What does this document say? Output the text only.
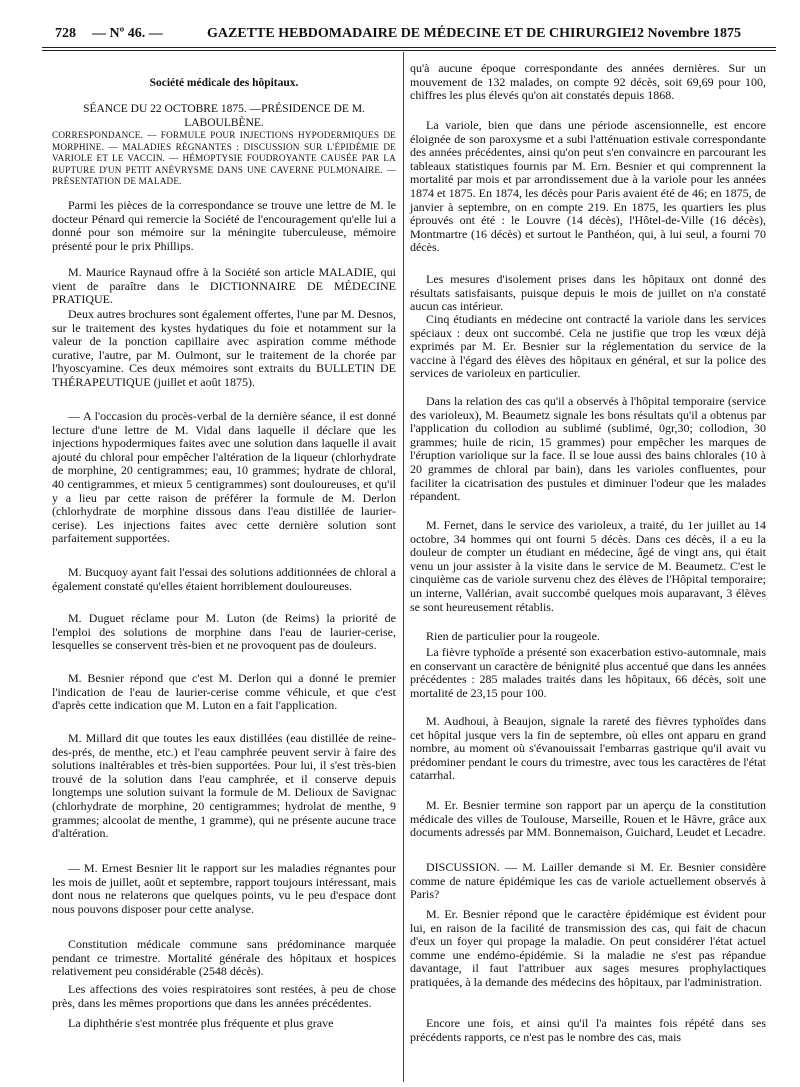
728 — Nº 46. —	GAZETTE HEBDOMADAIRE DE MÉDECINE ET DE CHIRURGIE.
12 Novembre 1875
Société médicale des hôpitaux.
SÉANCE DU 22 OCTOBRE 1875. —PRÉSIDENCE DE M. LABOULBÈNE.
CORRESPONDANCE. — FORMULE POUR INJECTIONS HYPODERMIQUES DE MORPHINE. — MALADIES RÉGNANTES : DISCUSSION SUR L'ÉPIDÉMIE DE VARIOLE ET LE VACCIN. — HÉMOPTYSIE FOUDROYANTE CAUSÉE PAR LA RUPTURE D'UN PETIT ANÉVRYSME DANS UNE CAVERNE PULMONAIRE. — PRÉSENTATION DE MALADE.
Parmi les pièces de la correspondance se trouve une lettre de M. le docteur Pénard qui remercie la Société de l'encouragement qu'elle lui a donné pour son mémoire sur la méningite tuberculeuse, mémoire présenté pour le prix Phillips.
M. Maurice Raynaud offre à la Société son article MALADIE, qui vient de paraître dans le DICTIONNAIRE DE MÉDECINE PRATIQUE.
Deux autres brochures sont également offertes, l'une par M. Desnos, sur le traitement des kystes hydatiques du foie et notamment sur la valeur de la ponction capillaire avec aspiration comme méthode curative, l'autre, par M. Oulmont, sur le traitement de la chorée par l'hyoscyamine. Ces deux mémoires sont extraits du BULLETIN DE THÉRAPEUTIQUE (juillet et août 1875).
— A l'occasion du procès-verbal de la dernière séance, il est donné lecture d'une lettre de M. Vidal dans laquelle il déclare que les injections hypodermiques faites avec une solution dans laquelle il avait ajouté du chloral pour empêcher l'altération de la liqueur (chlorhydrate de morphine, 20 centigrammes; eau, 10 grammes; hydrate de chloral, 40 centigrammes, et mieux 5 centigrammes) sont douloureuses, et qu'il y a lieu par cette raison de préférer la formule de M. Derlon (chlorhydrate de morphine dissous dans l'eau distillée de laurier-cerise). Les injections faites avec cette dernière solution sont parfaitement supportées.
M. Bucquoy ayant fait l'essai des solutions additionnées de chloral a également constaté qu'elles étaient horriblement douloureuses.
M. Duguet réclame pour M. Luton (de Reims) la priorité de l'emploi des solutions de morphine dans l'eau de laurier-cerise, lesquelles se conservent très-bien et ne provoquent pas de douleurs.
M. Besnier répond que c'est M. Derlon qui a donné le premier l'indication de l'eau de laurier-cerise comme véhicule, et que c'est d'après cette indication que M. Luton en a fait l'application.
M. Millard dit que toutes les eaux distillées (eau distillée de reine-des-prés, de menthe, etc.) et l'eau camphrée peuvent servir à faire des solutions inaltérables et très-bien supportées. Pour lui, il s'est très-bien trouvé de la solution dans l'eau camphrée, et il conserve depuis longtemps une solution suivant la formule de M. Delioux de Savignac (chlorhydrate de morphine, 20 centigrammes; hydrolat de menthe, 9 grammes; alcoolat de menthe, 1 gramme), qui ne présente aucune trace d'altération.
— M. Ernest Besnier lit le rapport sur les maladies régnantes pour les mois de juillet, août et septembre, rapport toujours intéressant, mais dont nous ne relaterons que quelques points, vu le peu d'espace dont nous pouvons disposer pour cette analyse.
Constitution médicale commune sans prédominance marquée pendant ce trimestre. Mortalité générale des hôpitaux et hospices relativement peu considérable (2548 décès).
Les affections des voies respiratoires sont restées, à peu de chose près, dans les mêmes proportions que dans les années précédentes.
La diphthérie s'est montrée plus fréquente et plus grave
qu'à aucune époque correspondante des années dernières. Sur un mouvement de 132 malades, on compte 92 décès, soit 69,69 pour 100, chiffres les plus élevés qu'on ait constatés depuis 1868.
La variole, bien que dans une période ascensionnelle, est encore éloignée de son paroxysme et a subi l'atténuation estivale correspondante des années précédentes, ainsi qu'on peut s'en convaincre en parcourant les tableaux statistiques fournis par M. Ern. Besnier et qui comprennent la mortalité par mois et par arrondissement due à la variole pour les années 1874 et 1875. En 1874, les décès pour Paris avaient été de 46; en 1875, de janvier à septembre, on en compte 219. En 1875, les quartiers les plus éprouvés ont été : le Louvre (14 décès), l'Hôtel-de-Ville (16 décès), Montmartre (16 décès) et surtout le Panthéon, qui, à lui seul, a fourni 70 décès.
Les mesures d'isolement prises dans les hôpitaux ont donné des résultats satisfaisants, puisque depuis le mois de juillet on n'a constaté aucun cas intérieur.
Cinq étudiants en médecine ont contracté la variole dans les services spéciaux : deux ont succombé. Cela ne justifie que trop les vœux déjà exprimés par M. Er. Besnier sur la réglementation du service de la vaccine à l'égard des élèves des hôpitaux en général, et sur la police des services de varioleux en particulier.
Dans la relation des cas qu'il a observés à l'hôpital temporaire (service des varioleux), M. Beaumetz signale les bons résultats qu'il a obtenus par l'application du collodion au sublimé (sublimé, 0gr,30; collodion, 30 grammes; huile de ricin, 15 grammes) pour empêcher les marques de l'éruption variolique sur la face. Il se loue aussi des bains chlorales (10 à 20 grammes de chloral par bain), dans les varioles confluentes, pour faciliter la cicatrisation des pustules et diminuer l'odeur que les malades répandent.
M. Fernet, dans le service des varioleux, a traité, du 1er juillet au 14 octobre, 34 hommes qui ont fourni 5 décès. Dans ces décès, il a eu la douleur de compter un étudiant en médecine, âgé de vingt ans, qui était venu un jour assister à la visite dans le service de M. Beaumetz. C'est le cinquième cas de variole survenu chez des élèves de l'Hôpital temporaire; un interne, Vallérian, avait succombé quelques mois auparavant, 3 élèves se sont heureusement rétablis.
Rien de particulier pour la rougeole.
La fièvre typhoïde a présenté son exacerbation estivo-automnale, mais en conservant un caractère de bénignité plus accentué que dans les années précédentes : 285 malades traités dans les hôpitaux, 66 décès, soit une mortalité de 23,15 pour 100.
M. Audhoui, à Beaujon, signale la rareté des fièvres typhoïdes dans cet hôpital jusque vers la fin de septembre, où elles ont apparu en grand nombre, au moment où s'évanouissait l'embarras gastrique qu'il avait vu prédominer pendant le cours du trimestre, avec tous les caractères de l'état catarrhal.
M. Er. Besnier termine son rapport par un aperçu de la constitution médicale des villes de Toulouse, Marseille, Rouen et le Hâvre, grâce aux documents adressés par MM. Bonnemaison, Guichard, Leudet et Lecadre.
DISCUSSION. — M. Lailler demande si M. Er. Besnier considère comme de nature épidémique les cas de variole actuellement observés à Paris?
M. Er. Besnier répond que le caractère épidémique est évident pour lui, en raison de la facilité de transmission des cas, qui fait de chacun d'eux un foyer qui propage la maladie. On peut considérer l'état actuel comme une endémo-épidémie. Si la maladie ne s'est pas répandue davantage, il faut l'attribuer aux sages mesures prophylactiques pratiquées, à la demande des médecins des hôpitaux, par l'administration.
Encore une fois, et ainsi qu'il l'a maintes fois répété dans ses précédents rapports, ce n'est pas le nombre des cas, mais
